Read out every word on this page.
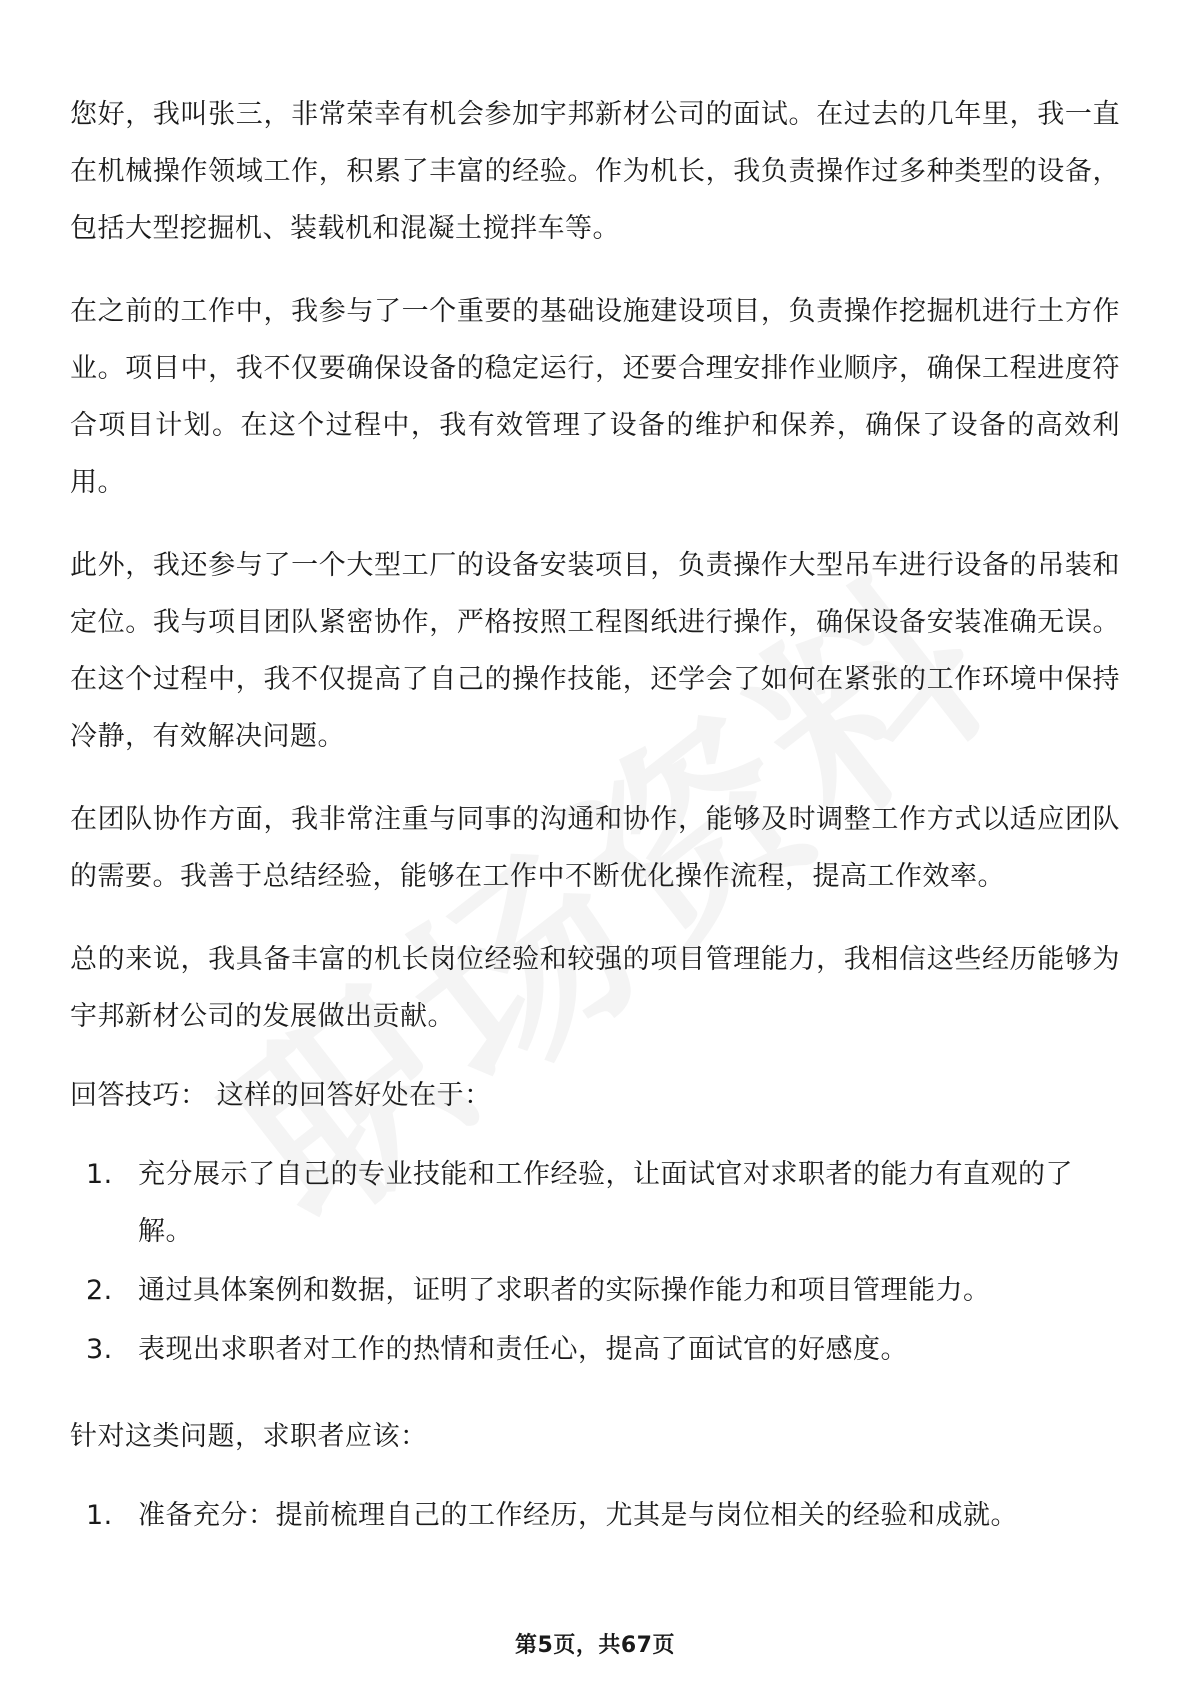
您好，我叫张三，非常荣幸有机会参加宇邦新材公司的面试。在过去的几年里，我一直在机械操作领域工作，积累了丰富的经验。作为机长，我负责操作过多种类型的设备，包括大型挖掘机、装载机和混凝土搅拌车等。

在之前的工作中，我参与了一个重要的基础设施建设项目，负责操作挖掘机进行土方作业。项目中，我不仅要确保设备的稳定运行，还要合理安排作业顺序，确保工程进度符合项目计划。在这个过程中，我有效管理了设备的维护和保养，确保了设备的高效利用。

此外，我还参与了一个大型工厂的设备安装项目，负责操作大型吊车进行设备的吊装和定位。我与项目团队紧密协作，严格按照工程图纸进行操作，确保设备安装准确无误。在这个过程中，我不仅提高了自己的操作技能，还学会了如何在紧张的工作环境中保持冷静，有效解决问题。

在团队协作方面，我非常注重与同事的沟通和协作，能够及时调整工作方式以适应团队的需要。我善于总结经验，能够在工作中不断优化操作流程，提高工作效率。

总的来说，我具备丰富的机长岗位经验和较强的项目管理能力，我相信这些经历能够为宇邦新材公司的发展做出贡献。

回答技巧： 这样的回答好处在于：

1. 充分展示了自己的专业技能和工作经验，让面试官对求职者的能力有直观的了解。
2. 通过具体案例和数据，证明了求职者的实际操作能力和项目管理能力。
3. 表现出求职者对工作的热情和责任心，提高了面试官的好感度。

针对这类问题，求职者应该：

1. 准备充分：提前梳理自己的工作经历，尤其是与岗位相关的经验和成就。
第5页，共67页
